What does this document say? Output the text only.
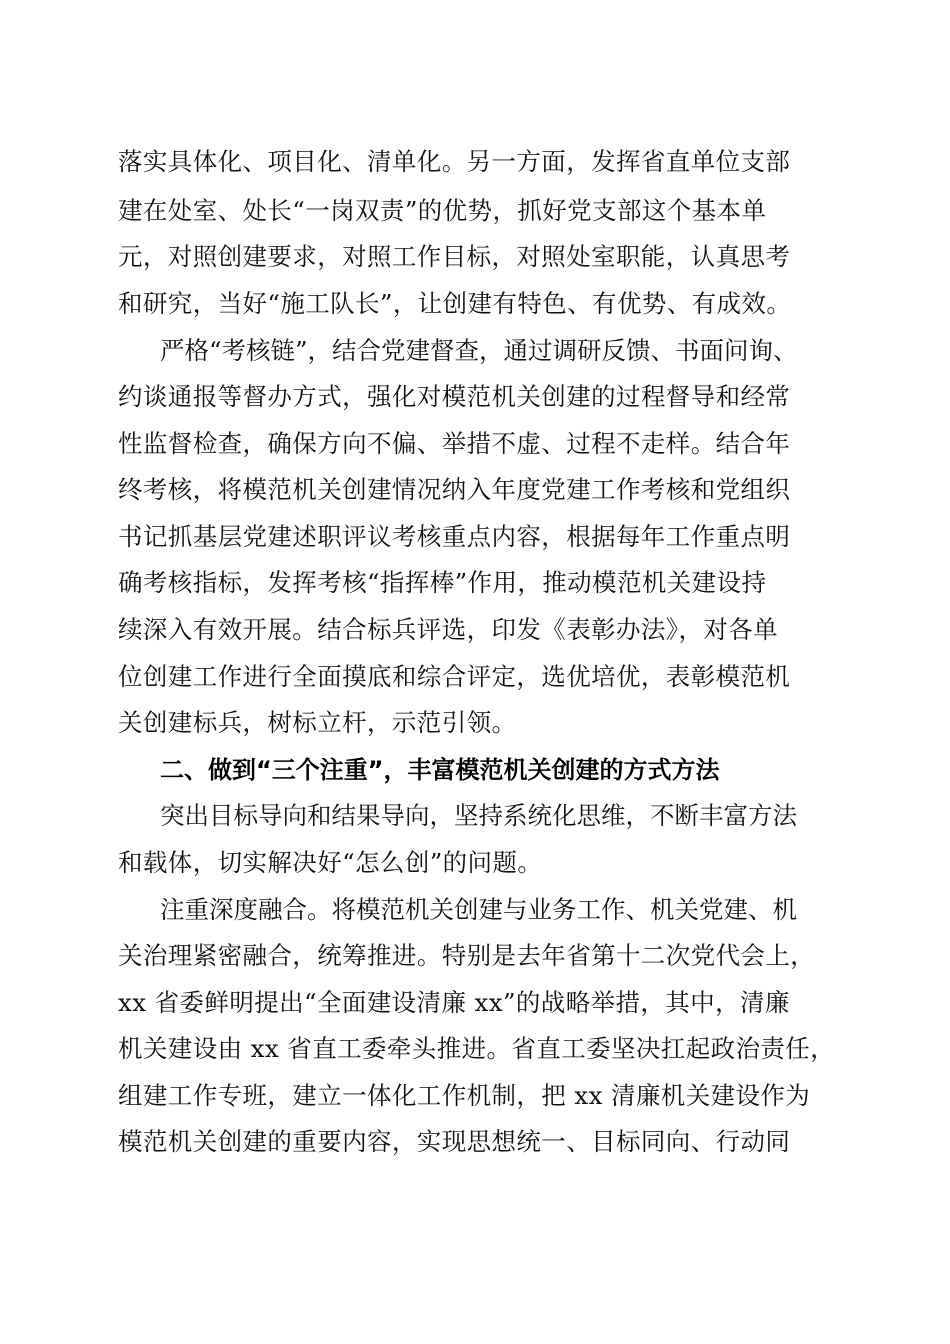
落实具体化、项目化、清单化。另一方面，发挥省直单位支部
建在处室、处长“一岗双责”的优势，抓好党支部这个基本单
元，对照创建要求，对照工作目标，对照处室职能，认真思考
和研究，当好“施工队长”，让创建有特色、有优势、有成效。
严格“考核链”，结合党建督查，通过调研反馈、书面问询、
约谈通报等督办方式，强化对模范机关创建的过程督导和经常
性监督检查，确保方向不偏、举措不虚、过程不走样。结合年
终考核，将模范机关创建情况纳入年度党建工作考核和党组织
书记抓基层党建述职评议考核重点内容，根据每年工作重点明
确考核指标，发挥考核“指挥棒”作用，推动模范机关建设持
续深入有效开展。结合标兵评选，印发《表彰办法》，对各单
位创建工作进行全面摸底和综合评定，选优培优，表彰模范机
关创建标兵，树标立杆，示范引领。
二、做到“三个注重”，丰富模范机关创建的方式方法
突出目标导向和结果导向，坚持系统化思维，不断丰富方法
和载体，切实解决好“怎么创”的问题。
注重深度融合。将模范机关创建与业务工作、机关党建、机
关治理紧密融合，统筹推进。特别是去年省第十二次党代会上，
xx 省委鲜明提出“全面建设清廉 xx”的战略举措，其中，清廉
机关建设由 xx 省直工委牵头推进。省直工委坚决扛起政治责任，
组建工作专班，建立一体化工作机制，把 xx 清廉机关建设作为
模范机关创建的重要内容，实现思想统一、目标同向、行动同
